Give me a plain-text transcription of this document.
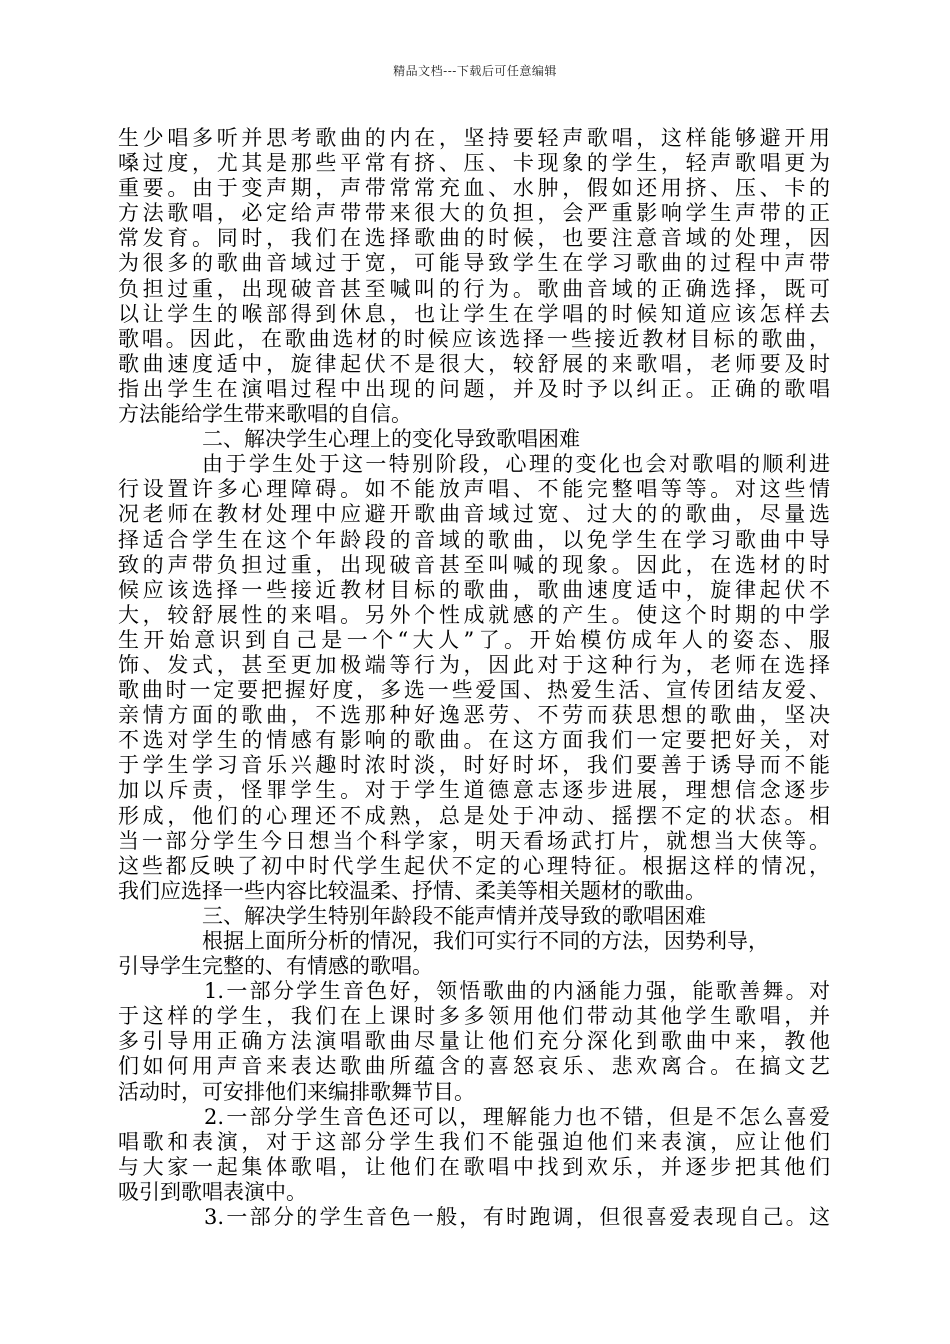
精品文档---下载后可任意编辑
生少唱多听并思考歌曲的内在，坚持要轻声歌唱，这样能够避开用
嗓过度，尤其是那些平常有挤、压、卡现象的学生，轻声歌唱更为
重要。由于变声期，声带常常充血、水肿，假如还用挤、压、卡的
方法歌唱，必定给声带带来很大的负担，会严重影响学生声带的正
常发育。同时，我们在选择歌曲的时候，也要注意音域的处理，因
为很多的歌曲音域过于宽，可能导致学生在学习歌曲的过程中声带
负担过重，出现破音甚至喊叫的行为。歌曲音域的正确选择，既可
以让学生的喉部得到休息，也让学生在学唱的时候知道应该怎样去
歌唱。因此，在歌曲选材的时候应该选择一些接近教材目标的歌曲，
歌曲速度适中，旋律起伏不是很大，较舒展的来歌唱，老师要及时
指出学生在演唱过程中出现的问题，并及时予以纠正。正确的歌唱
方法能给学生带来歌唱的自信。
二、解决学生心理上的变化导致歌唱困难
由于学生处于这一特别阶段，心理的变化也会对歌唱的顺利进
行设置许多心理障碍。如不能放声唱、不能完整唱等等。对这些情
况老师在教材处理中应避开歌曲音域过宽、过大的的歌曲，尽量选
择适合学生在这个年龄段的音域的歌曲，以免学生在学习歌曲中导
致的声带负担过重，出现破音甚至叫喊的现象。因此，在选材的时
候应该选择一些接近教材目标的歌曲，歌曲速度适中，旋律起伏不
大，较舒展性的来唱。另外个性成就感的产生。使这个时期的中学
生开始意识到自己是一个“大人”了。开始模仿成年人的姿态、服
饰、发式，甚至更加极端等行为，因此对于这种行为，老师在选择
歌曲时一定要把握好度，多选一些爱国、热爱生活、宣传团结友爱、
亲情方面的歌曲，不选那种好逸恶劳、不劳而获思想的歌曲，坚决
不选对学生的情感有影响的歌曲。在这方面我们一定要把好关，对
于学生学习音乐兴趣时浓时淡，时好时坏，我们要善于诱导而不能
加以斥责，怪罪学生。对于学生道德意志逐步进展，理想信念逐步
形成，他们的心理还不成熟，总是处于冲动、摇摆不定的状态。相
当一部分学生今日想当个科学家，明天看场武打片，就想当大侠等。
这些都反映了初中时代学生起伏不定的心理特征。根据这样的情况，
我们应选择一些内容比较温柔、抒情、柔美等相关题材的歌曲。
三、解决学生特别年龄段不能声情并茂导致的歌唱困难
根据上面所分析的情况，我们可实行不同的方法，因势利导，
引导学生完整的、有情感的歌唱。
1.一部分学生音色好，领悟歌曲的内涵能力强，能歌善舞。对
于这样的学生，我们在上课时多多领用他们带动其他学生歌唱，并
多引导用正确方法演唱歌曲尽量让他们充分深化到歌曲中来，教他
们如何用声音来表达歌曲所蕴含的喜怒哀乐、悲欢离合。在搞文艺
活动时，可安排他们来编排歌舞节目。
2.一部分学生音色还可以，理解能力也不错，但是不怎么喜爱
唱歌和表演，对于这部分学生我们不能强迫他们来表演，应让他们
与大家一起集体歌唱，让他们在歌唱中找到欢乐，并逐步把其他们
吸引到歌唱表演中。
3.一部分的学生音色一般，有时跑调，但很喜爱表现自己。这
